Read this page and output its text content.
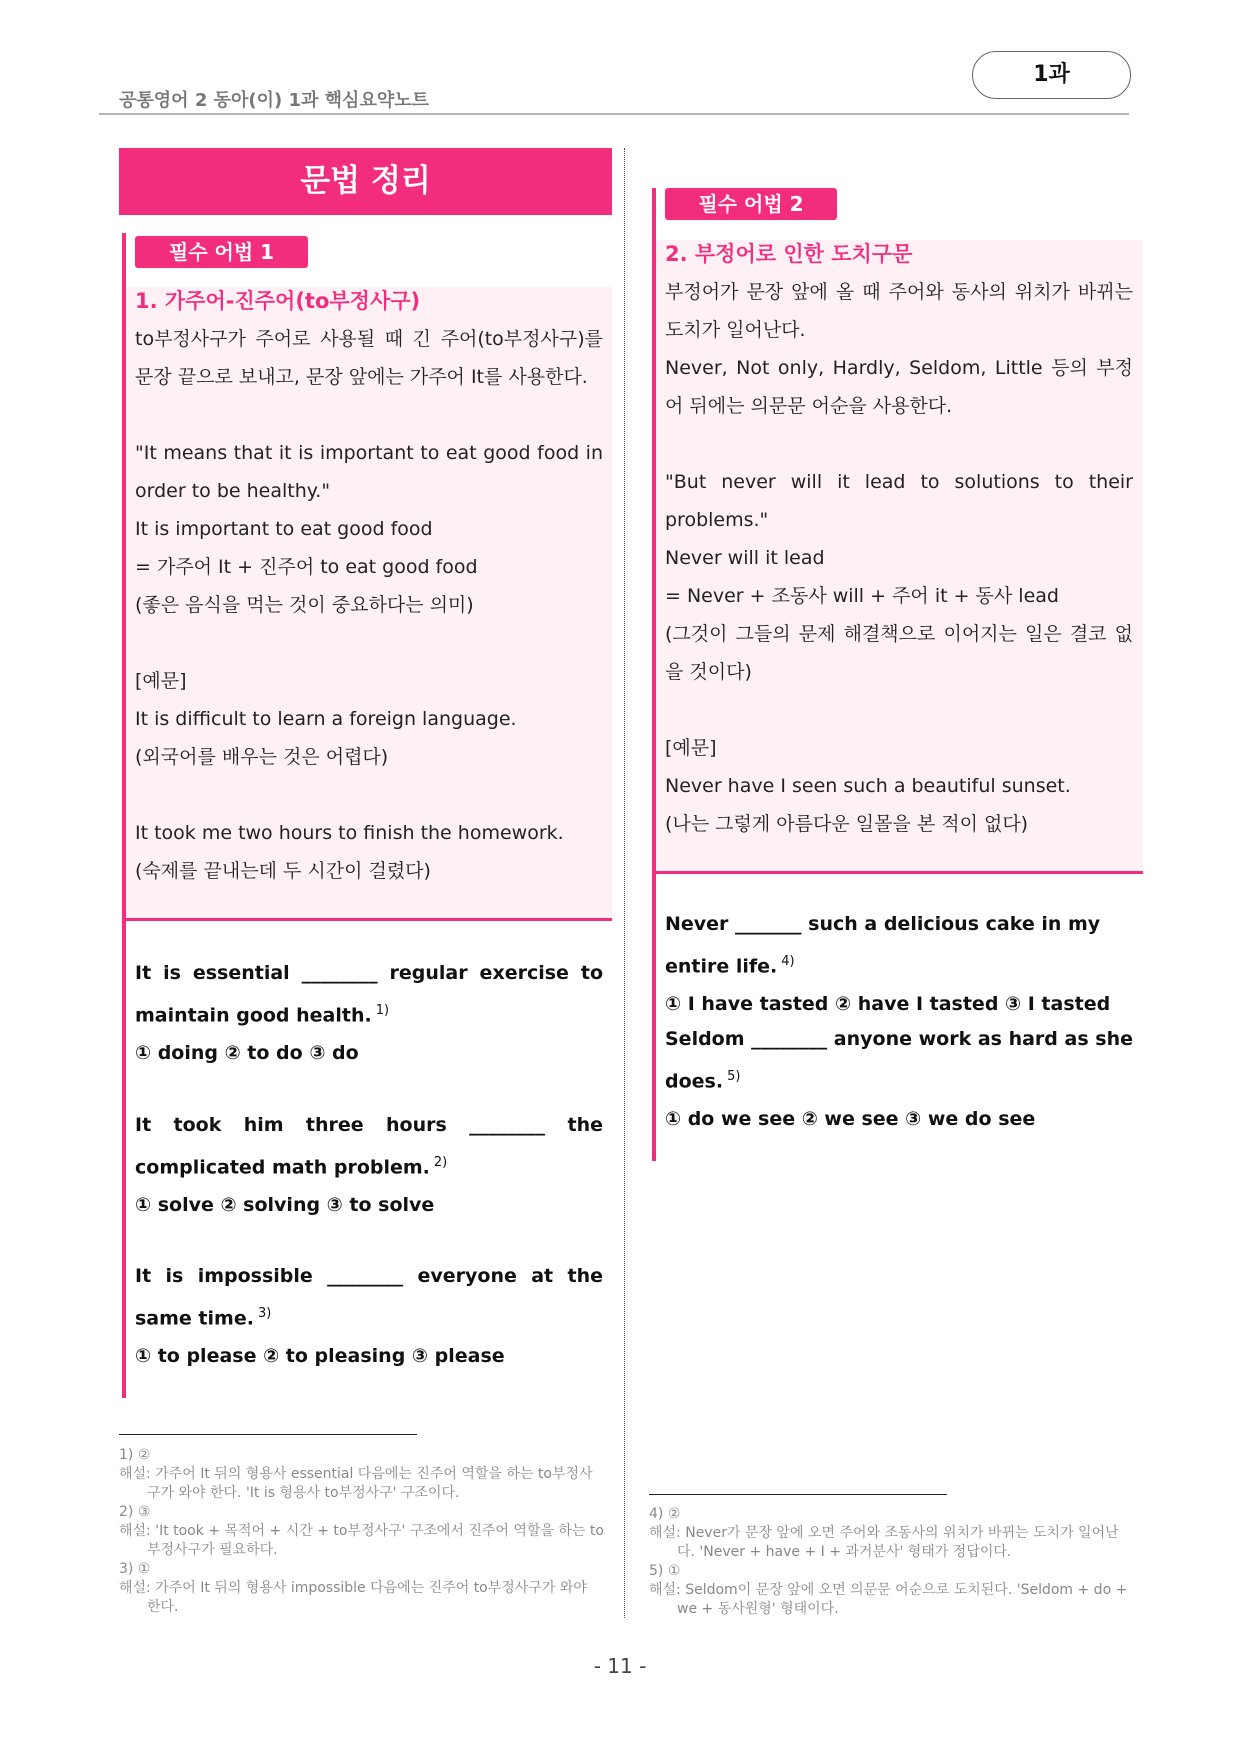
공통영어 2 동아(이) 1과 핵심요약노트
1과
문법 정리
필수 어법 1
1. 가주어-진주어(to부정사구)
to부정사구가 주어로 사용될 때 긴 주어(to부정사구)를 문장 끝으로 보내고, 문장 앞에는 가주어 It를 사용한다.
"It means that it is important to eat good food in order to be healthy."
It is important to eat good food
= 가주어 It + 진주어 to eat good food
(좋은 음식을 먹는 것이 중요하다는 의미)
[예문]
It is difficult to learn a foreign language.
(외국어를 배우는 것은 어렵다)
It took me two hours to finish the homework.
(숙제를 끝내는데 두 시간이 걸렸다)
It is essential ________ regular exercise to maintain good health. $^{1)}$
① doing ② to do ③ do
It took him three hours ________ the complicated math problem. $^{2)}$
① solve ② solving ③ to solve
It is impossible ________ everyone at the same time. $^{3)}$
① to please ② to pleasing ③ please
필수 어법 2
2. 부정어로 인한 도치구문
부정어가 문장 앞에 올 때 주어와 동사의 위치가 바뀌는 도치가 일어난다.
Never, Not only, Hardly, Seldom, Little 등의 부정어 뒤에는 의문문 어순을 사용한다.
"But never will it lead to solutions to their problems."
Never will it lead
= Never + 조동사 will + 주어 it + 동사 lead
(그것이 그들의 문제 해결책으로 이어지는 일은 결코 없을 것이다)
[예문]
Never have I seen such a beautiful sunset.
(나는 그렇게 아름다운 일몰을 본 적이 없다)
Never _______ such a delicious cake in my entire life. $^{4)}$
① I have tasted ② have I tasted ③ I tasted
Seldom ________ anyone work as hard as she does. $^{5)}$
① do we see ② we see ③ we do see
1) ②
해설: 가주어 It 뒤의 형용사 essential 다음에는 진주어 역할을 하는 to부정사구가 와야 한다. 'It is 형용사 to부정사구' 구조이다.
2) ③
해설: 'It took + 목적어 + 시간 + to부정사구' 구조에서 진주어 역할을 하는 to부정사구가 필요하다.
3) ①
해설: 가주어 It 뒤의 형용사 impossible 다음에는 진주어 to부정사구가 와야 한다.
4) ②
해설: Never가 문장 앞에 오면 주어와 조동사의 위치가 바뀌는 도치가 일어난다. 'Never + have + I + 과거분사' 형태가 정답이다.
5) ①
해설: Seldom이 문장 앞에 오면 의문문 어순으로 도치된다. 'Seldom + do + we + 동사원형' 형태이다.
- 11 -
